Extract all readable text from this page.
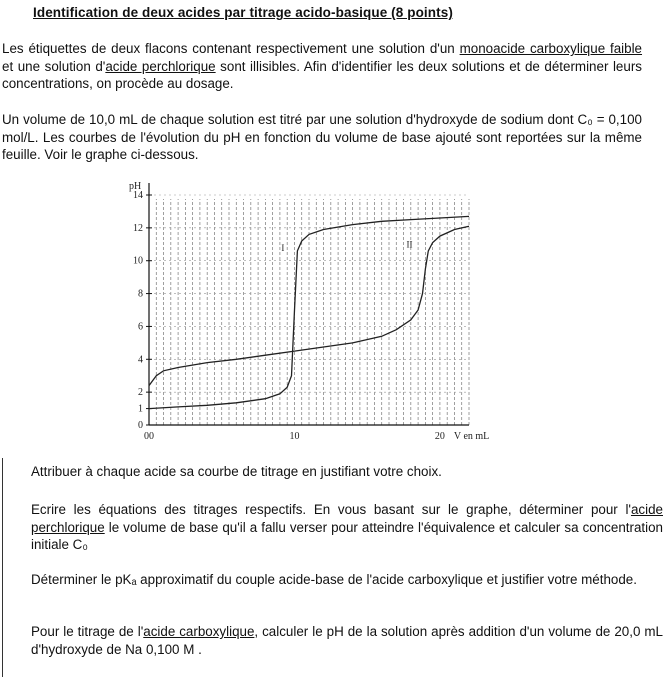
Identification de deux acides par titrage acido-basique (8 points)
Les étiquettes de deux flacons contenant respectivement une solution d'un monoacide carboxylique faible et une solution d'acide perchlorique sont illisibles. Afin d'identifier les deux solutions et de déterminer leurs concentrations, on procède au dosage.
Un volume de 10,0 mL de chaque solution est titré par une solution d'hydroxyde de sodium dont C₀ = 0,100 mol/L. Les courbes de l'évolution du pH en fonction du volume de base ajouté sont reportées sur la même feuille. Voir le graphe ci-dessous.
0
1
2
4
6
8
10
12
14
pH
00	10	20 V en mL
I	II
Attribuer à chaque acide sa courbe de titrage en justifiant votre choix.
Ecrire les équations des titrages respectifs. En vous basant sur le graphe, déterminer pour l'acide perchlorique le volume de base qu'il a fallu verser pour atteindre l'équivalence et calculer sa concentration initiale C₀
Déterminer le pKₐ approximatif du couple acide-base de l'acide carboxylique et justifier votre méthode.
Pour le titrage de l'acide carboxylique, calculer le pH de la solution après addition d'un volume de 20,0 mL d'hydroxyde de Na 0,100 M .
